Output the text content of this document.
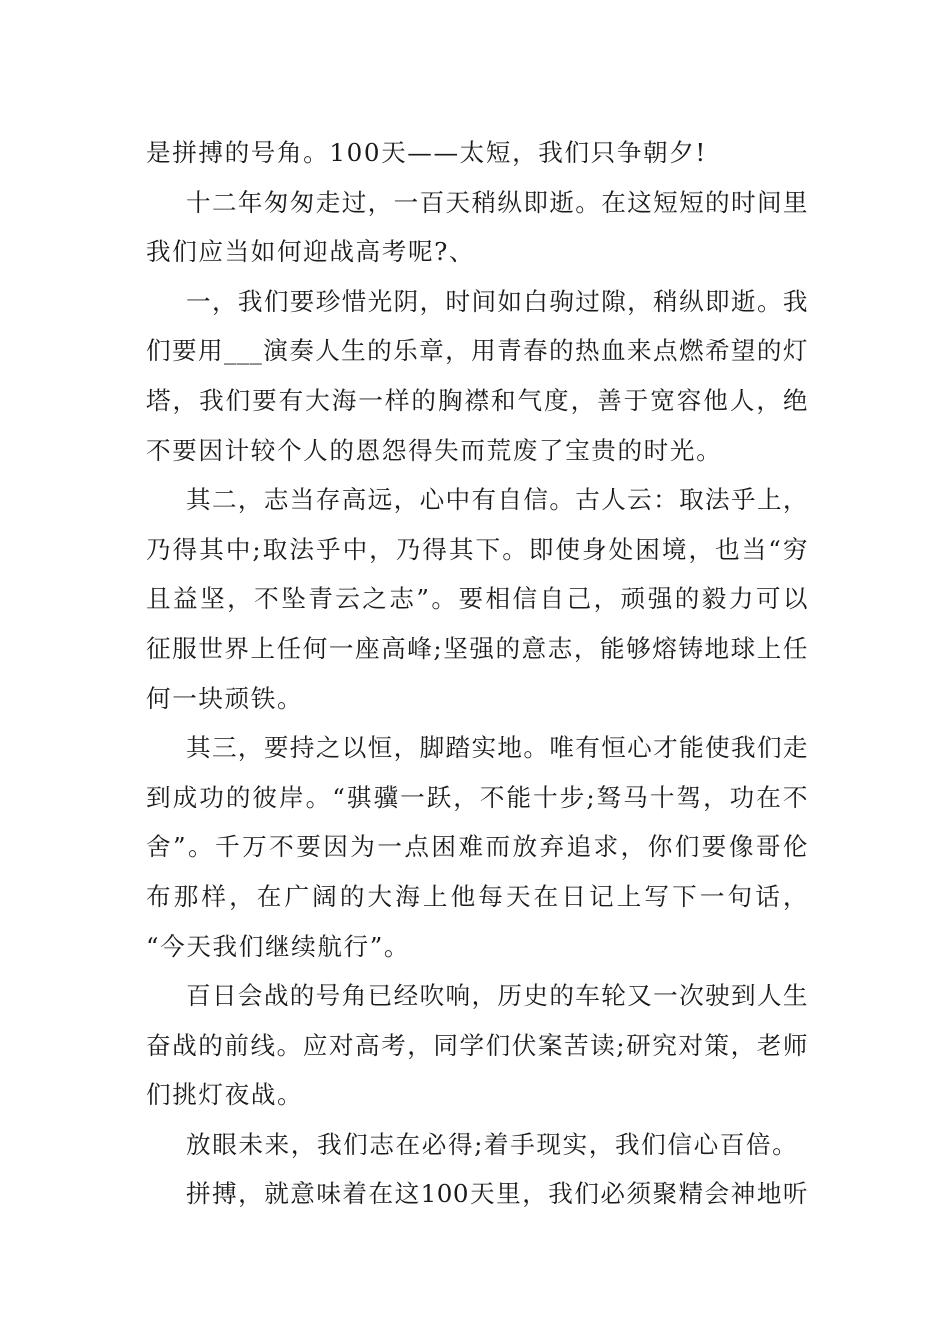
是拼搏的号角。100天——太短，我们只争朝夕!
十二年匆匆走过，一百天稍纵即逝。在这短短的时间里
我们应当如何迎战高考呢?、
一，我们要珍惜光阴，时间如白驹过隙，稍纵即逝。我
们要用___演奏人生的乐章，用青春的热血来点燃希望的灯
塔，我们要有大海一样的胸襟和气度，善于宽容他人，绝
不要因计较个人的恩怨得失而荒废了宝贵的时光。
其二，志当存高远，心中有自信。古人云：取法乎上，
乃得其中;取法乎中，乃得其下。即使身处困境，也当“穷
且益坚，不坠青云之志”。要相信自己，顽强的毅力可以
征服世界上任何一座高峰;坚强的意志，能够熔铸地球上任
何一块顽铁。
其三，要持之以恒，脚踏实地。唯有恒心才能使我们走
到成功的彼岸。“骐骥一跃，不能十步;驽马十驾，功在不
舍”。千万不要因为一点困难而放弃追求，你们要像哥伦
布那样，在广阔的大海上他每天在日记上写下一句话，
“今天我们继续航行”。
百日会战的号角已经吹响，历史的车轮又一次驶到人生
奋战的前线。应对高考，同学们伏案苦读;研究对策，老师
们挑灯夜战。
放眼未来，我们志在必得;着手现实，我们信心百倍。
拼搏，就意味着在这100天里，我们必须聚精会神地听
